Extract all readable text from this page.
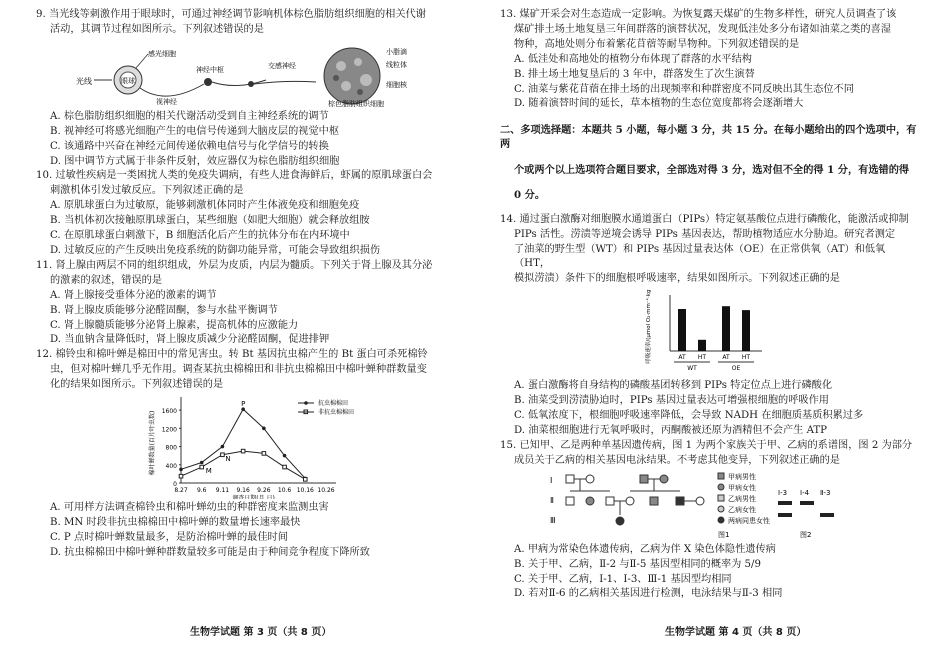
9. 当光线等刺激作用于眼球时，可通过神经调节影响机体棕色脂肪组织细胞的相关代谢

活动，其调节过程如图所示。下列叙述错误的是

光线	眼球
感光细胞
视神经
神经中枢	交感神经
小脂滴
线粒体
细胞核
棕色脂肪组织细胞

A. 棕色脂肪组织细胞的相关代谢活动受到自主神经系统的调节

B. 视神经可将感光细胞产生的电信号传递到大脑皮层的视觉中枢

C. 该通路中兴奋在神经元间传递依赖电信号与化学信号的转换

D. 图中调节方式属于非条件反射，效应器仅为棕色脂肪组织细胞

10. 过敏性疾病是一类困扰人类的免疫失调病，有些人进食海鲜后，虾属的原肌球蛋白会

刺激机体引发过敏反应。下列叙述正确的是

A. 原肌球蛋白为过敏原，能够刺激机体同时产生体液免疫和细胞免疫

B. 当机体初次接触原肌球蛋白，某些细胞（如肥大细胞）就会释放组胺

C. 在原肌球蛋白刺激下，B 细胞活化后产生的抗体分布在内环境中

D. 过敏反应的产生反映出免疫系统的防御功能异常，可能会导致组织损伤

11. 肾上腺由两层不同的组织组成，外层为皮质，内层为髓质。下列关于肾上腺及其分泌

的激素的叙述，错误的是

A. 肾上腺接受垂体分泌的激素的调节

B. 肾上腺皮质能够分泌醛固酮，参与水盐平衡调节

C. 肾上腺髓质能够分泌肾上腺素，提高机体的应激能力

D. 当血钠含量降低时，肾上腺皮质减少分泌醛固酮，促进排钾

12. 棉铃虫和棉叶蝉是棉田中的常见害虫。转 Bt 基因抗虫棉产生的 Bt 蛋白可杀死棉铃

虫，但对棉叶蝉几乎无作用。调查某抗虫棉棉田和非抗虫棉棉田中棉叶蝉种群数量变

化的结果如图所示。下列叙述错误的是

0
400
800
1200
1600
8.27 9.6 9.11 9.16 9.26 10.6 10.16 10.26
调查日期(月.日)
棉叶蝉数量(百片叶虫数)
P
N
M
抗虫棉棉田
非抗虫棉棉田

A. 可用样方法调查棉铃虫和棉叶蝉幼虫的种群密度来监测虫害

B. MN 时段非抗虫棉棉田中棉叶蝉的数量增长速率最快

C. P 点时棉叶蝉数量最多，是防治棉叶蝉的最佳时间

D. 抗虫棉棉田中棉叶蝉种群数量较多可能是由于种间竞争程度下降所致

生物学试题 第 3 页（共 8 页）

13. 煤矿开采会对生态造成一定影响。为恢复露天煤矿的生物多样性，研究人员调查了该

煤矿排土场土地复垦三年间群落的演替状况，发现低洼处多分布诸如油菜之类的喜湿

物种，高地处则分布着紫花苜蓿等耐旱物种。下列叙述错误的是

A. 低洼处和高地处的植物分布体现了群落的水平结构

B. 排土场土地复垦后的 3 年中，群落发生了次生演替

C. 油菜与紫花苜蓿在排土场的出现频率和种群密度不同反映出其生态位不同

D. 随着演替时间的延长，草本植物的生态位宽度都将会逐渐增大

二、多项选择题：本题共 5 小题，每小题 3 分，共 15 分。在每小题给出的四个选项中，有两

个或两个以上选项符合题目要求，全部选对得 3 分，选对但不全的得 1 分，有选错的得

0 分。

14. 通过蛋白激酶对细胞膜水通道蛋白（PIPs）特定氨基酸位点进行磷酸化，能激活或抑制

PIPs 活性。涝渍等逆境会诱导 PIPs 基因表达，帮助植物适应水分胁迫。研究者测定

了油菜的野生型（WT）和 PIPs 基因过量表达体（OE）在正常供氧（AT）和低氧（HT，

模拟涝渍）条件下的细胞根呼吸速率，结果如图所示。下列叙述正确的是

呼吸速率/(μmol O₂·mm⁻¹·kg⁻¹)	AT HT	AT HT
WT	OE

A. 蛋白激酶将自身结构的磷酸基团转移到 PIPs 特定位点上进行磷酸化

B. 油菜受到涝渍胁迫时，PIPs 基因过量表达可增强根细胞的呼吸作用

C. 低氧浓度下，根细胞呼吸速率降低，会导致 NADH 在细胞质基质积累过多

D. 油菜根细胞进行无氧呼吸时，丙酮酸被还原为酒精但不会产生 ATP

15. 已知甲、乙是两种单基因遗传病，图 1 为两个家族关于甲、乙病的系谱图，图 2 为部分

成员关于乙病的相关基因电泳结果。不考虑其他变异，下列叙述正确的是

Ⅰ
Ⅱ
Ⅲ
甲病男性
甲病女性
乙病男性
乙病女性
两病同患女性
图1
Ⅰ-3 Ⅰ-4 Ⅱ-3
图2

A. 甲病为常染色体遗传病，乙病为伴 X 染色体隐性遗传病

B. 关于甲、乙病，Ⅱ-2 与Ⅱ-5 基因型相同的概率为 5/9

C. 关于甲、乙病，Ⅰ-1、Ⅰ-3、Ⅲ-1 基因型均相同

D. 若对Ⅱ-6 的乙病相关基因进行检测，电泳结果与Ⅱ-3 相同

生物学试题 第 4 页（共 8 页）
